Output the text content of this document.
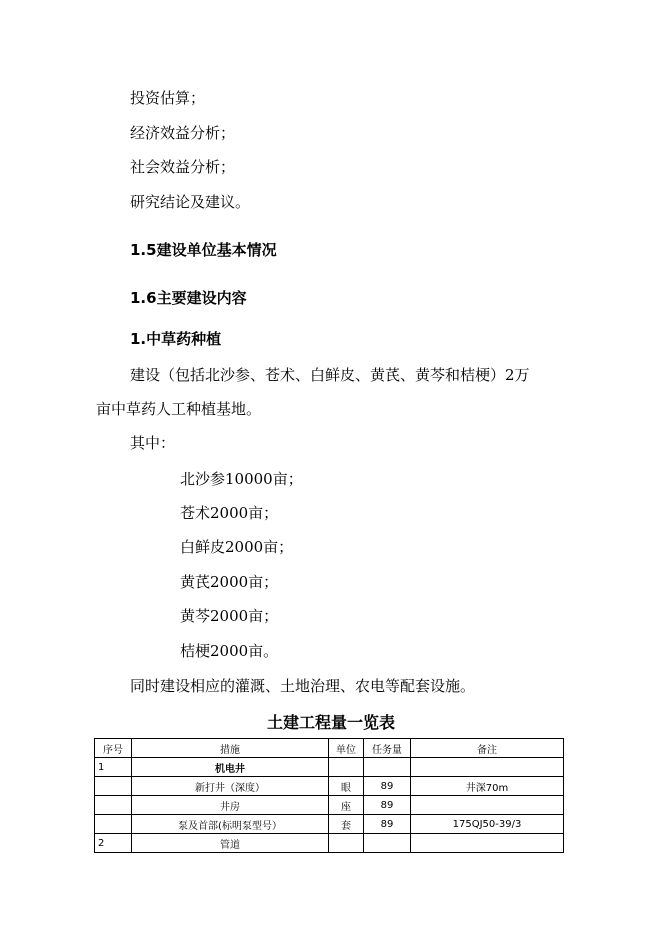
投资估算；
经济效益分析；
社会效益分析；
研究结论及建议。
1.5建设单位基本情况
1.6主要建设内容
1.中草药种植
建设（包括北沙参、苍术、白鲜皮、黄芪、黄芩和桔梗）2万
亩中草药人工种植基地。
其中：
北沙参10000亩；
苍术2000亩；
白鲜皮2000亩；
黄芪2000亩；
黄芩2000亩；
桔梗2000亩。
同时建设相应的灌溉、土地治理、农电等配套设施。
土建工程量一览表
序号	措施	单位	任务量	备注
1	机电井			
	新打井（深度）	眼	89	井深70m
	井房	座	89	
	泵及首部(标明泵型号）	套	89	175QJ50-39/3
2	管道			
